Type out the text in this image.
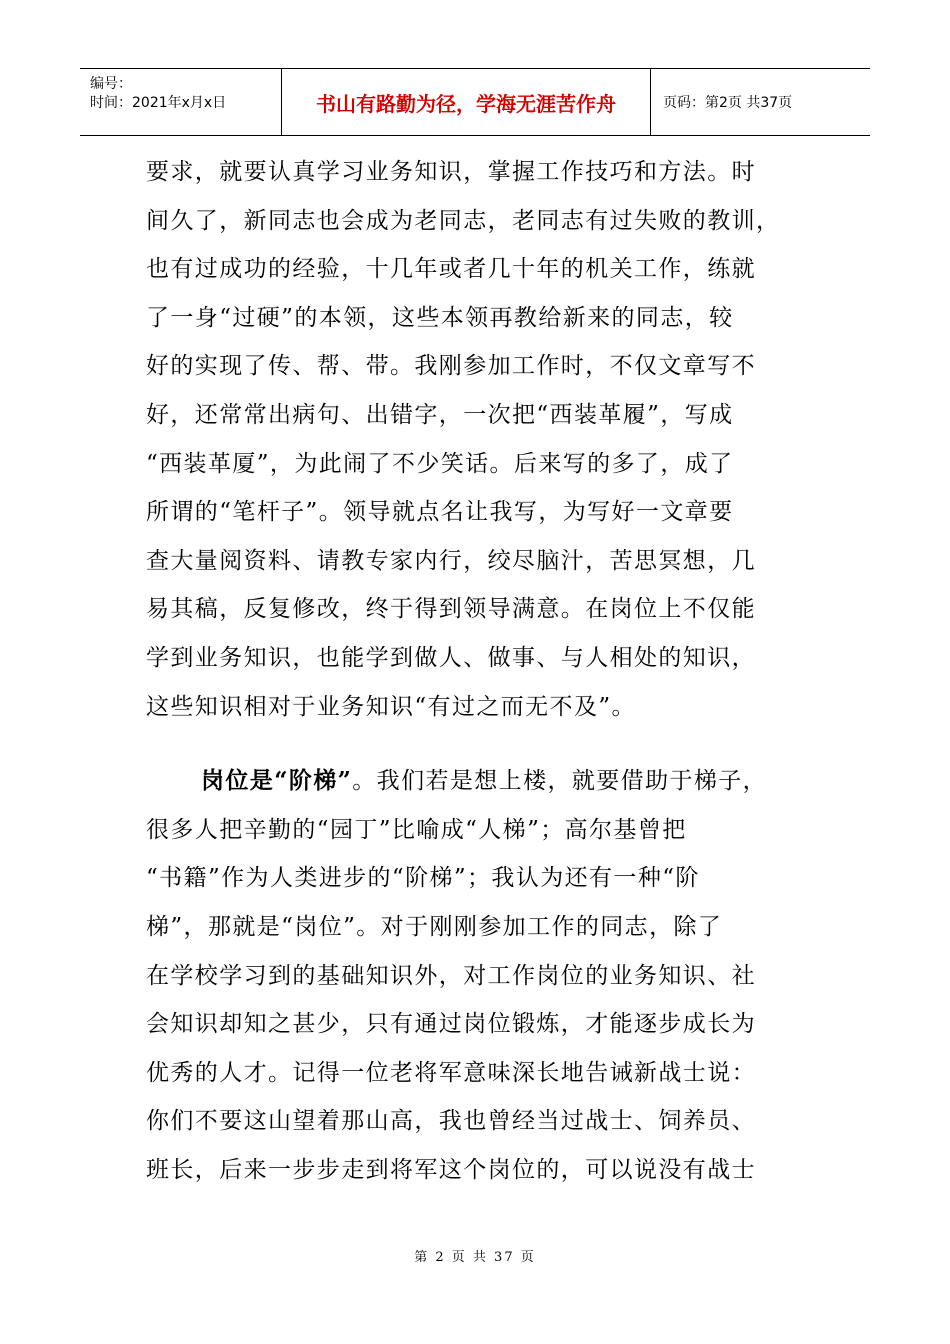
编号：
时间：2021年x月x日	书山有路勤为径，学海无涯苦作舟	页码：第2页 共37页
要求，就要认真学习业务知识，掌握工作技巧和方法。时
间久了，新同志也会成为老同志，老同志有过失败的教训，
也有过成功的经验，十几年或者几十年的机关工作，练就
了一身“过硬”的本领，这些本领再教给新来的同志，较
好的实现了传、帮、带。我刚参加工作时，不仅文章写不
好，还常常出病句、出错字，一次把“西装革履”，写成
“西装革厦”，为此闹了不少笑话。后来写的多了，成了
所谓的“笔杆子”。领导就点名让我写，为写好一文章要
查大量阅资料、请教专家内行，绞尽脑汁，苦思冥想，几
易其稿，反复修改，终于得到领导满意。在岗位上不仅能
学到业务知识，也能学到做人、做事、与人相处的知识，
这些知识相对于业务知识“有过之而无不及”。
岗位是“阶梯”。我们若是想上楼，就要借助于梯子，
很多人把辛勤的“园丁”比喻成“人梯”；高尔基曾把
“书籍”作为人类进步的“阶梯”；我认为还有一种“阶
梯”，那就是“岗位”。对于刚刚参加工作的同志，除了
在学校学习到的基础知识外，对工作岗位的业务知识、社
会知识却知之甚少，只有通过岗位锻炼，才能逐步成长为
优秀的人才。记得一位老将军意味深长地告诫新战士说：
你们不要这山望着那山高，我也曾经当过战士、饲养员、
班长，后来一步步走到将军这个岗位的，可以说没有战士
第 2 页 共 37 页
